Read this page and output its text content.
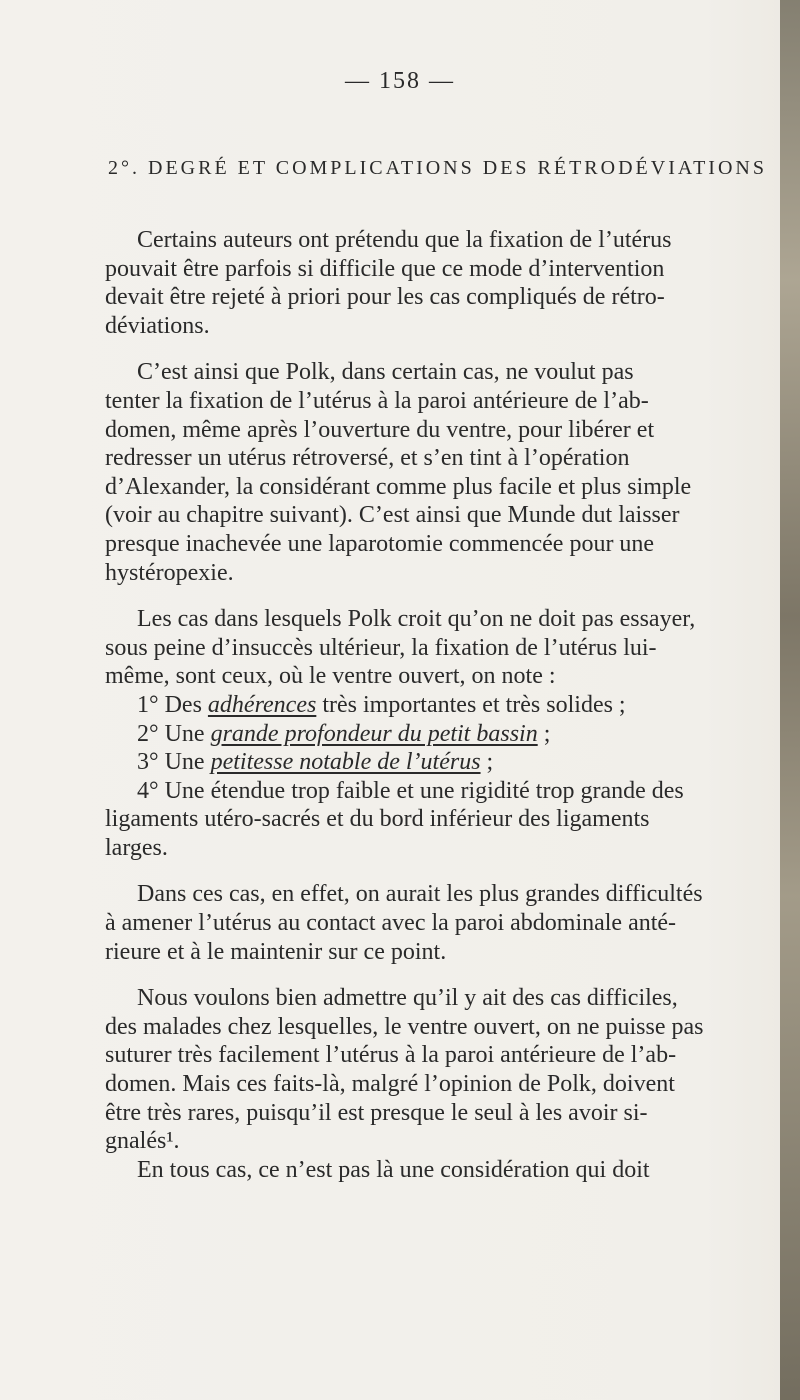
— 158 —
2°. DEGRÉ ET COMPLICATIONS DES RÉTRODÉVIATIONS
Certains auteurs ont prétendu que la fixation de l’utérus
pouvait être parfois si difficile que ce mode d’intervention
devait être rejeté à priori pour les cas compliqués de rétro-
déviations.
C’est ainsi que Polk, dans certain cas, ne voulut pas
tenter la fixation de l’utérus à la paroi antérieure de l’ab-
domen, même après l’ouverture du ventre, pour libérer et
redresser un utérus rétroversé, et s’en tint à l’opération
d’Alexander, la considérant comme plus facile et plus simple
(voir au chapitre suivant). C’est ainsi que Munde dut laisser
presque inachevée une laparotomie commencée pour une
hystéropexie.
Les cas dans lesquels Polk croit qu’on ne doit pas essayer,
sous peine d’insuccès ultérieur, la fixation de l’utérus lui-
même, sont ceux, où le ventre ouvert, on note :
1° Des adhérences très importantes et très solides ;
2° Une grande profondeur du petit bassin ;
3° Une petitesse notable de l’utérus ;
4° Une étendue trop faible et une rigidité trop grande des
ligaments utéro-sacrés et du bord inférieur des ligaments
larges.
Dans ces cas, en effet, on aurait les plus grandes difficultés
à amener l’utérus au contact avec la paroi abdominale anté-
rieure et à le maintenir sur ce point.
Nous voulons bien admettre qu’il y ait des cas difficiles,
des malades chez lesquelles, le ventre ouvert, on ne puisse pas
suturer très facilement l’utérus à la paroi antérieure de l’ab-
domen. Mais ces faits-là, malgré l’opinion de Polk, doivent
être très rares, puisqu’il est presque le seul à les avoir si-
gnalés¹.
En tous cas, ce n’est pas là une considération qui doit
